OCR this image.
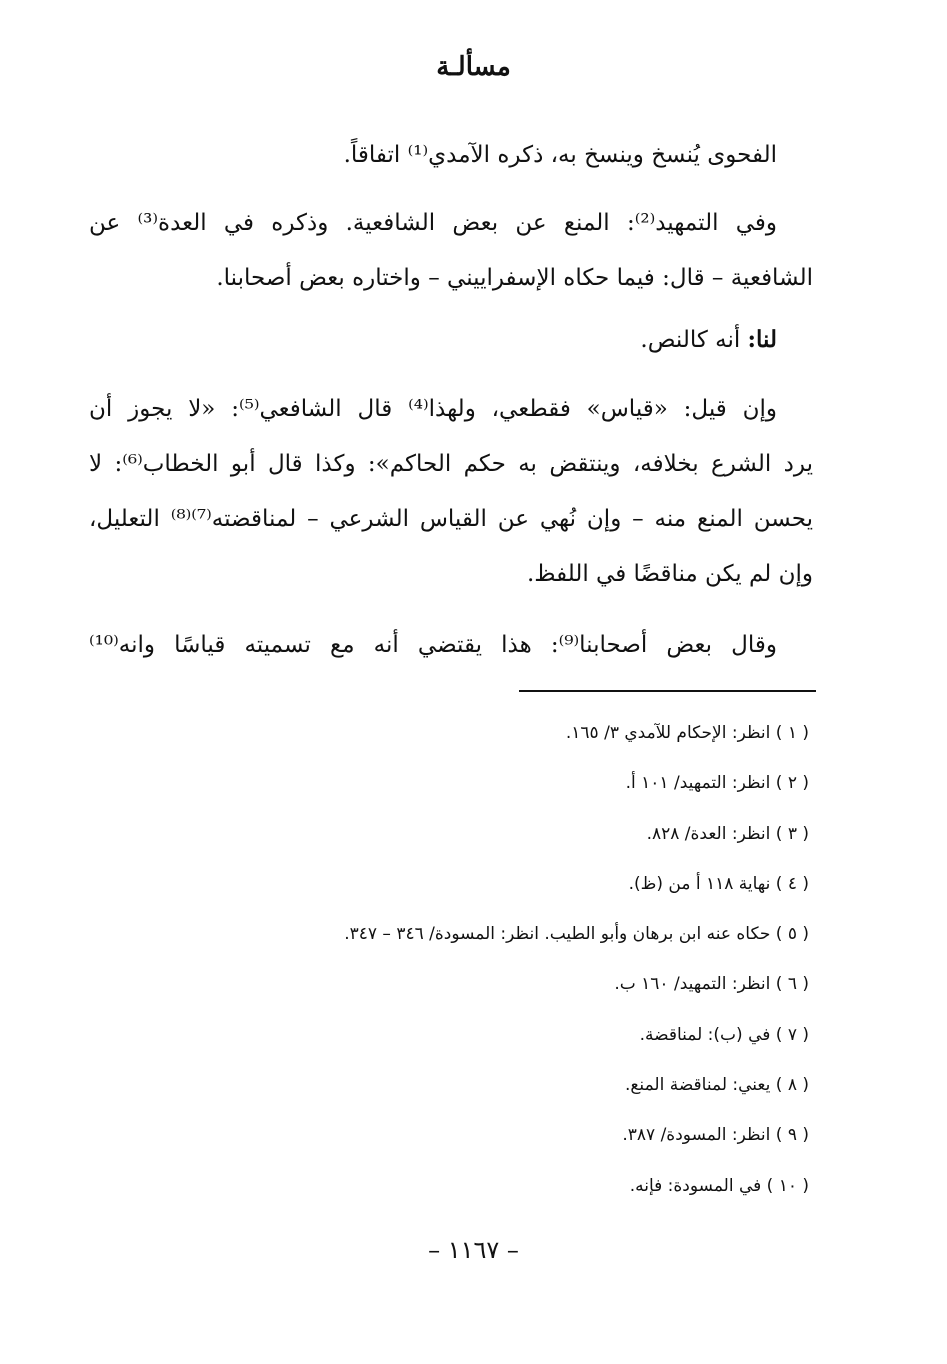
مسألـة

الفحوى يُنسخ وينسخ به، ذكره الآمدي⁽¹⁾ اتفاقاً.

وفي التمهيد⁽²⁾: المنع عن بعض الشافعية. وذكره في العدة⁽³⁾ عن
الشافعية – قال: فيما حكاه الإسفراييني – واختاره بعض أصحابنا.

لنا: أنه كالنص.

وإن قيل: «قياس» فقطعي، ولهذا⁽⁴⁾ قال الشافعي⁽⁵⁾: «لا يجوز أن
يرد الشرع بخلافه، وينتقض به حكم الحاكم»: وكذا قال أبو الخطاب⁽⁶⁾: لا
يحسن المنع منه – وإن نُهي عن القياس الشرعي – لمناقضته⁽⁷⁾⁽⁸⁾ التعليل،
وإن لم يكن مناقضًا في اللفظ.

وقال بعض أصحابنا⁽⁹⁾: هذا يقتضي أنه مع تسميته قياسًا وانه⁽¹⁰⁾

( ١ ) انظر: الإحكام للآمدي ٣/ ١٦٥.
( ٢ ) انظر: التمهيد/ ١٠١ أ.
( ٣ ) انظر: العدة/ ٨٢٨.
( ٤ ) نهاية ١١٨ أ من (ظ).
( ٥ ) حكاه عنه ابن برهان وأبو الطيب. انظر: المسودة/ ٣٤٦ – ٣٤٧.
( ٦ ) انظر: التمهيد/ ١٦٠ ب.
( ٧ ) في (ب): لمناقضة.
( ٨ ) يعني: لمناقضة المنع.
( ٩ ) انظر: المسودة/ ٣٨٧.
( ١٠ ) في المسودة: فإنه.
– ١١٦٧ –
